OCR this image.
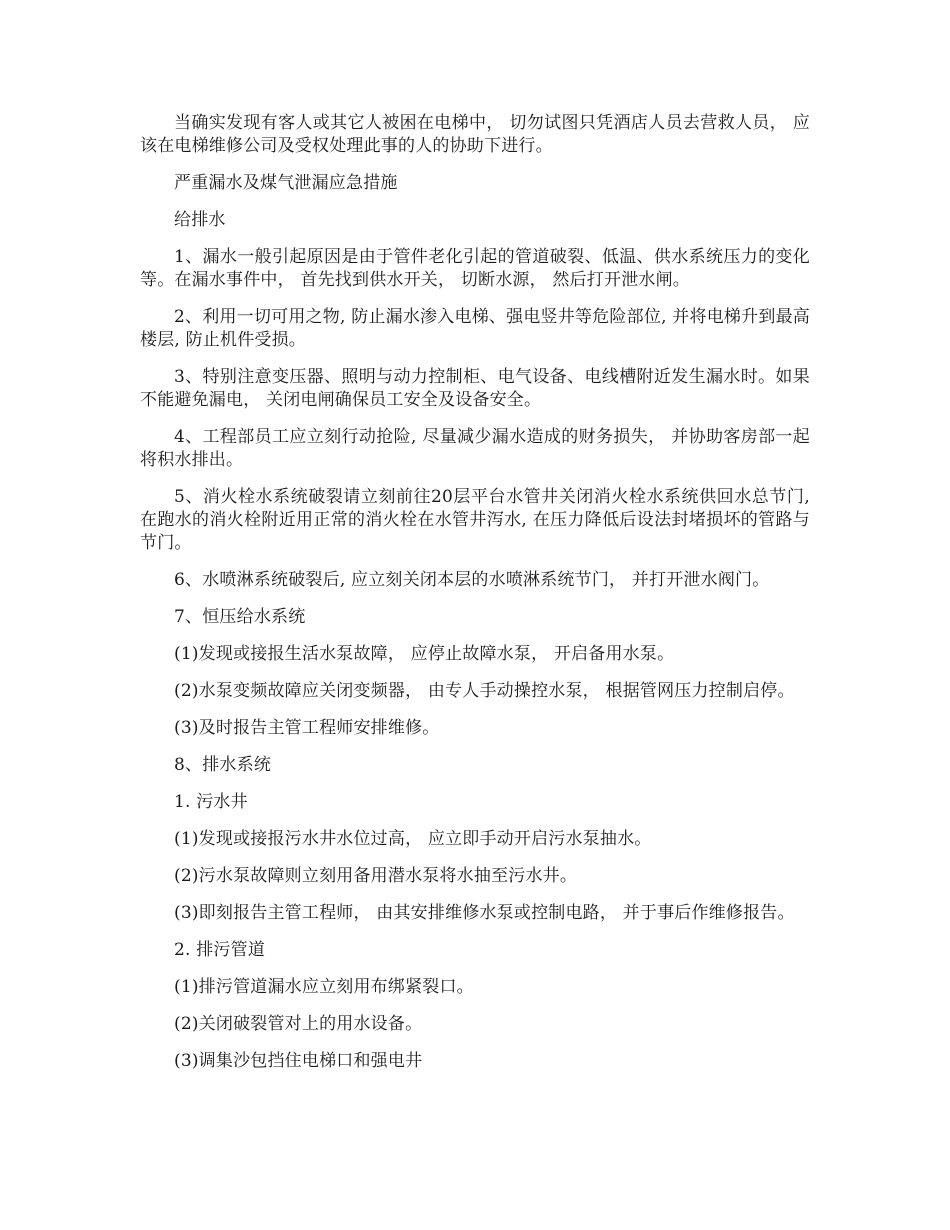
当确实发现有客人或其它人被困在电梯中， 切勿试图只凭酒店人员去营救人员， 应该在电梯维修公司及受权处理此事的人的协助下进行。

严重漏水及煤气泄漏应急措施

给排水

1、漏水一般引起原因是由于管件老化引起的管道破裂、低温、供水系统压力的变化等。在漏水事件中， 首先找到供水开关， 切断水源， 然后打开泄水闸。

2、利用一切可用之物, 防止漏水渗入电梯、强电竖井等危险部位, 并将电梯升到最高楼层, 防止机件受损。

3、特别注意变压器、照明与动力控制柜、电气设备、电线槽附近发生漏水时。如果不能避免漏电， 关闭电闸确保员工安全及设备安全。

4、工程部员工应立刻行动抢险, 尽量减少漏水造成的财务损失， 并协助客房部一起将积水排出。

5、消火栓水系统破裂请立刻前往20层平台水管井关闭消火栓水系统供回水总节门, 在跑水的消火栓附近用正常的消火栓在水管井泻水, 在压力降低后设法封堵损坏的管路与节门。

6、水喷淋系统破裂后, 应立刻关闭本层的水喷淋系统节门， 并打开泄水阀门。

7、恒压给水系统

(1)发现或接报生活水泵故障， 应停止故障水泵， 开启备用水泵。

(2)水泵变频故障应关闭变频器， 由专人手动操控水泵， 根据管网压力控制启停。

(3)及时报告主管工程师安排维修。

8、排水系统

1. 污水井

(1)发现或接报污水井水位过高， 应立即手动开启污水泵抽水。

(2)污水泵故障则立刻用备用潜水泵将水抽至污水井。

(3)即刻报告主管工程师， 由其安排维修水泵或控制电路， 并于事后作维修报告。

2. 排污管道

(1)排污管道漏水应立刻用布绑紧裂口。

(2)关闭破裂管对上的用水设备。

(3)调集沙包挡住电梯口和强电井
